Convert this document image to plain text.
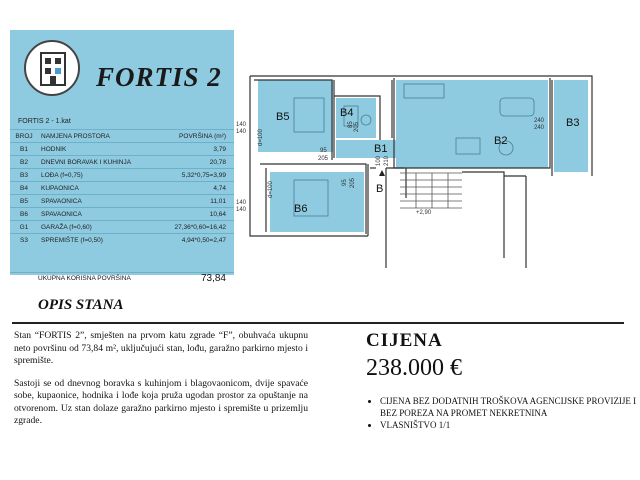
FORTIS 2
FORTIS 2 - 1.kat
BROJ	NAMJENA PROSTORA	POVRŠINA (m²)
B1	HODNIK	3,79
B2	DNEVNI BORAVAK I KUHINJA	20,78
B3	LOĐA (f=0,75)	5,32*0,75=3,99
B4	KUPAONICA	4,74
B5	SPAVAONICA	11,01
B6	SPAVAONICA	10,64
G1	GARAŽA (f=0,60)	27,36*0,60=16,42
S3	SPREMIŠTE (f=0,50)	4,94*0,50=2,47
UKUPNA KORISNA POVRŠINA	73,84
B5	B4
B1
B2
B3
B6
B
140
140
140
140
d=100
85 205
95
205	100 210
240
240
95 205
d=100
+2,90
OPIS STANA

Stan “FORTIS 2”, smješten na prvom katu zgrade “F”, obuhvaća ukupnu neto površinu od 73,84 m², uključujući stan, lođu, garažno parkirno mjesto i spremište.

Sastoji se od dnevnog boravka s kuhinjom i blagovaonicom, dvije spavaće sobe, kupaonice, hodnika i lođe koja pruža ugodan prostor za opuštanje na otvorenom. Uz stan dolaze garažno parkirno mjesto i spremište u prizemlju zgrade.

CIJENA
238.000 €
• CIJENA BEZ DODATNIH TROŠKOVA AGENCIJSKE PROVIZIJE I BEZ POREZA NA PROMET NEKRETNINA
• VLASNIŠTVO 1/1
